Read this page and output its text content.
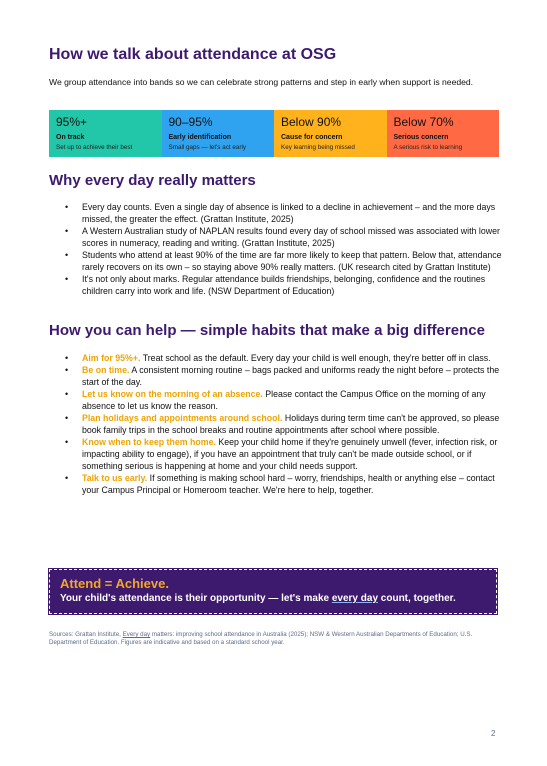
How we talk about attendance at OSG
We group attendance into bands so we can celebrate strong patterns and step in early when support is needed.
95%+
On track
Set up to achieve their best
90–95%
Early identification
Small gaps — let's act early
Below 90%
Cause for concern
Key learning being missed
Below 70%
Serious concern
A serious risk to learning
Why every day really matters
• Every day counts. Even a single day of absence is linked to a decline in achievement – and the more days missed, the greater the effect. (Grattan Institute, 2025)
• A Western Australian study of NAPLAN results found every day of school missed was associated with lower scores in numeracy, reading and writing. (Grattan Institute, 2025)
• Students who attend at least 90% of the time are far more likely to keep that pattern. Below that, attendance rarely recovers on its own – so staying above 90% really matters. (UK research cited by Grattan Institute)
• It's not only about marks. Regular attendance builds friendships, belonging, confidence and the routines children carry into work and life. (NSW Department of Education)
How you can help — simple habits that make a big difference
• Aim for 95%+. Treat school as the default. Every day your child is well enough, they're better off in class.
• Be on time. A consistent morning routine – bags packed and uniforms ready the night before – protects the start of the day.
• Let us know on the morning of an absence. Please contact the Campus Office on the morning of any absence to let us know the reason.
• Plan holidays and appointments around school. Holidays during term time can't be approved, so please book family trips in the school breaks and routine appointments after school where possible.
• Know when to keep them home. Keep your child home if they're genuinely unwell (fever, infection risk, or impacting ability to engage), if you have an appointment that truly can't be made outside school, or if something serious is happening at home and your child needs support.
• Talk to us early. If something is making school hard – worry, friendships, health or anything else – contact your Campus Principal or Homeroom teacher. We're here to help, together.
Attend = Achieve.
Your child's attendance is their opportunity — let's make every day count, together.
Sources: Grattan Institute, Every day matters: improving school attendance in Australia (2025); NSW & Western Australian Departments of Education; U.S. Department of Education. Figures are indicative and based on a standard school year.
2
